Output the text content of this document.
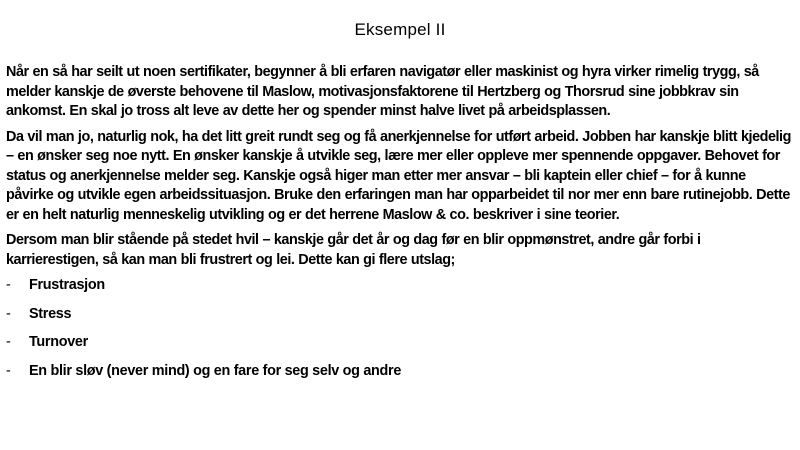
Eksempel II

Når en så har seilt ut noen sertifikater, begynner å bli erfaren navigatør eller maskinist og hyra virker rimelig trygg, så melder kanskje de øverste behovene til Maslow, motivasjonsfaktorene til Hertzberg og Thorsrud sine jobbkrav sin ankomst. En skal jo tross alt leve av dette her og spender minst halve livet på arbeidsplassen.

Da vil man jo, naturlig nok, ha det litt greit rundt seg og få anerkjennelse for utført arbeid. Jobben har kanskje blitt kjedelig – en ønsker seg noe nytt. En ønsker kanskje å utvikle seg, lære mer eller oppleve mer spennende oppgaver. Behovet for status og anerkjennelse melder seg. Kanskje også higer man etter mer ansvar – bli kaptein eller chief – for å kunne påvirke og utvikle egen arbeidssituasjon. Bruke den erfaringen man har opparbeidet til nor mer enn bare rutinejobb. Dette er en helt naturlig menneskelig utvikling og er det herrene Maslow & co. beskriver i sine teorier.

Dersom man blir stående på stedet hvil – kanskje går det år og dag før en blir oppmønstret, andre går forbi i karrierestigen, så kan man bli frustrert og lei. Dette kan gi flere utslag;

- Frustrasjon
- Stress
- Turnover
- En blir sløv (never mind) og en fare for seg selv og andre
